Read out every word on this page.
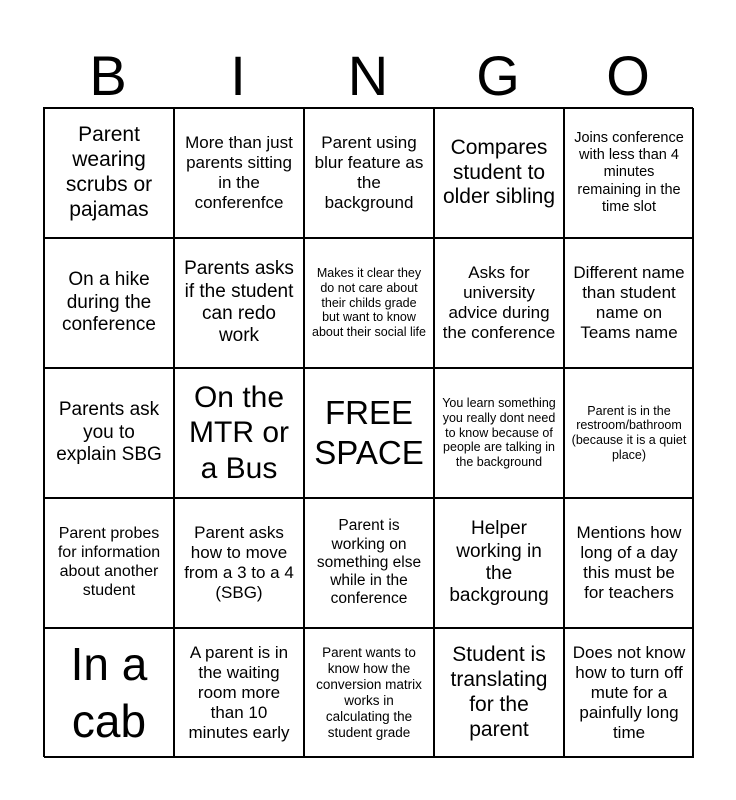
B	I	N	G	O
Parent wearing scrubs or pajamas
More than just parents sitting in the conferenfce
Parent using blur feature as the background
Compares student to older sibling
Joins conference with less than 4 minutes remaining in the time slot
On a hike during the conference
Parents asks if the student can redo work
Makes it clear they do not care about their childs grade but want to know about their social life
Asks for university advice during the conference
Different name than student name on Teams name
Parents ask you to explain SBG
On the MTR or a Bus
FREE SPACE
You learn something you really dont need to know because of people are talking in the background
Parent is in the restroom/bathroom (because it is a quiet place)
Parent probes for information about another student
Parent asks how to move from a 3 to a 4 (SBG)
Parent is working on something else while in the conference
Helper working in the backgroung
Mentions how long of a day this must be for teachers
In a cab
A parent is in the waiting room more than 10 minutes early
Parent wants to know how the conversion matrix works in calculating the student grade
Student is translating for the parent
Does not know how to turn off mute for a painfully long time
